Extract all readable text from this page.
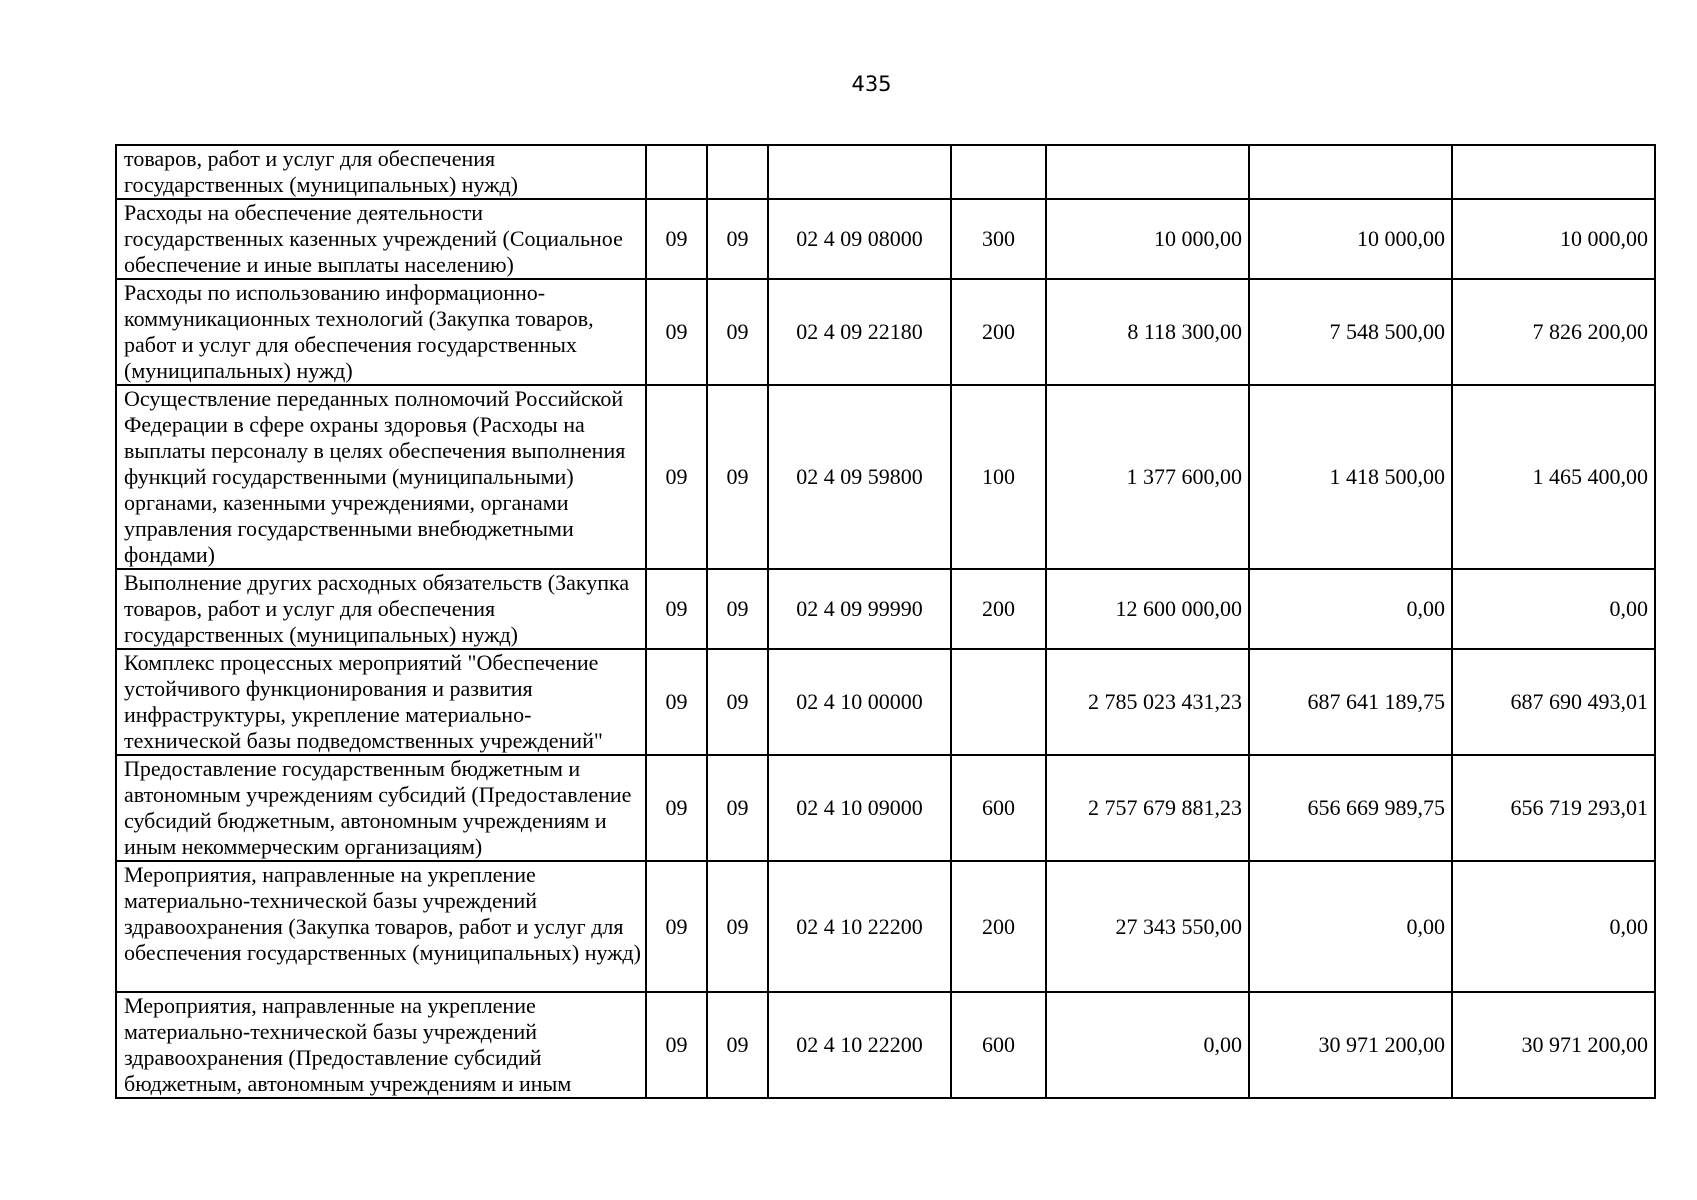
435
товаров, работ и услуг для обеспечения государственных (муниципальных) нужд)							
Расходы на обеспечение деятельности государственных казенных учреждений (Социальное обеспечение и иные выплаты населению)	09	09	02 4 09 08000	300	10 000,00	10 000,00	10 000,00
Расходы по использованию информационно-коммуникационных технологий (Закупка товаров, работ и услуг для обеспечения государственных (муниципальных) нужд)	09	09	02 4 09 22180	200	8 118 300,00	7 548 500,00	7 826 200,00
Осуществление переданных полномочий Российской Федерации в сфере охраны здоровья (Расходы на выплаты персоналу в целях обеспечения выполнения функций государственными (муниципальными) органами, казенными учреждениями, органами управления государственными внебюджетными фондами)	09	09	02 4 09 59800	100	1 377 600,00	1 418 500,00	1 465 400,00
Выполнение других расходных обязательств (Закупка товаров, работ и услуг для обеспечения государственных (муниципальных) нужд)	09	09	02 4 09 99990	200	12 600 000,00	0,00	0,00
Комплекс процессных мероприятий "Обеспечение устойчивого функционирования и развития инфраструктуры, укрепление материально-технической базы подведомственных учреждений"	09	09	02 4 10 00000		2 785 023 431,23	687 641 189,75	687 690 493,01
Предоставление государственным бюджетным и автономным учреждениям субсидий (Предоставление субсидий бюджетным, автономным учреждениям и иным некоммерческим организациям)	09	09	02 4 10 09000	600	2 757 679 881,23	656 669 989,75	656 719 293,01
Мероприятия, направленные на укрепление материально-технической базы учреждений здравоохранения (Закупка товаров, работ и услуг для обеспечения государственных (муниципальных) нужд)	09	09	02 4 10 22200	200	27 343 550,00	0,00	0,00
Мероприятия, направленные на укрепление материально-технической базы учреждений здравоохранения (Предоставление субсидий бюджетным, автономным учреждениям и иным	09	09	02 4 10 22200	600	0,00	30 971 200,00	30 971 200,00
